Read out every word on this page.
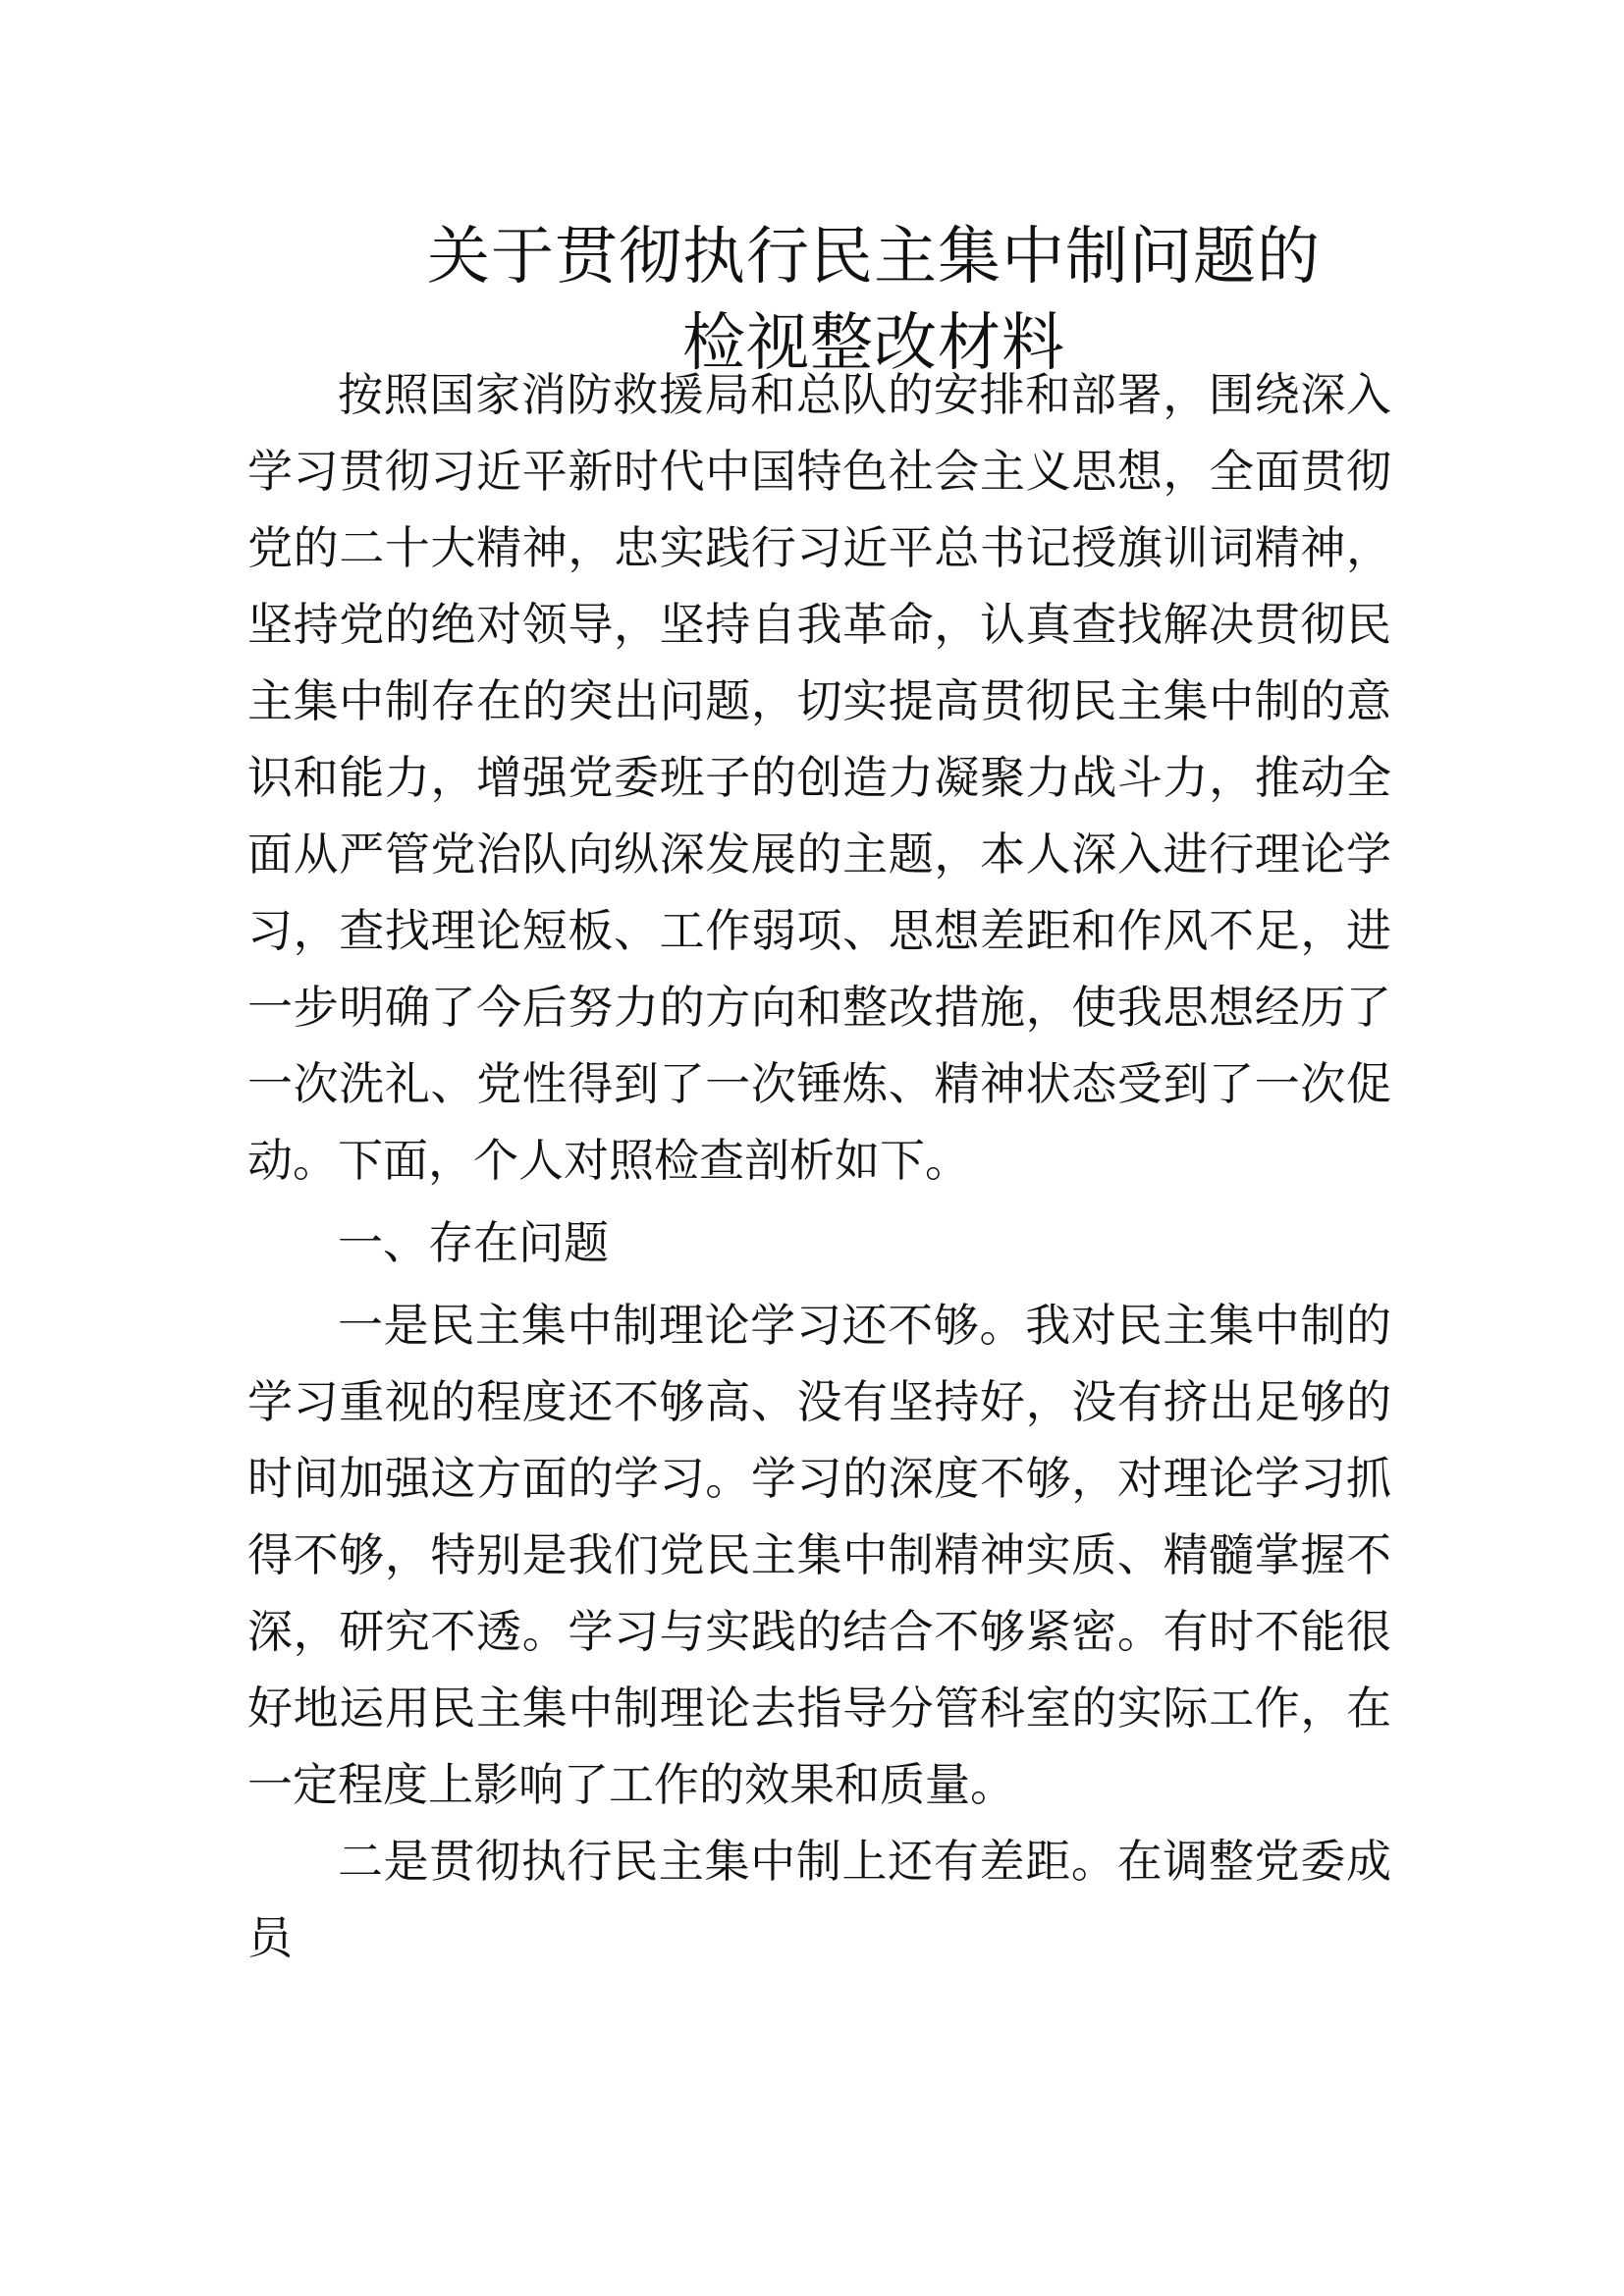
关于贯彻执行民主集中制问题的
检视整改材料

按照国家消防救援局和总队的安排和部署，围绕深入学习贯彻习近平新时代中国特色社会主义思想，全面贯彻党的二十大精神，忠实践行习近平总书记授旗训词精神，坚持党的绝对领导，坚持自我革命，认真查找解决贯彻民主集中制存在的突出问题，切实提高贯彻民主集中制的意识和能力，增强党委班子的创造力凝聚力战斗力，推动全面从严管党治队向纵深发展的主题，本人深入进行理论学习，查找理论短板、工作弱项、思想差距和作风不足，进一步明确了今后努力的方向和整改措施，使我思想经历了一次洗礼、党性得到了一次锤炼、精神状态受到了一次促动。下面，个人对照检查剖析如下。

一、存在问题

一是民主集中制理论学习还不够。我对民主集中制的学习重视的程度还不够高、没有坚持好，没有挤出足够的时间加强这方面的学习。学习的深度不够，对理论学习抓得不够，特别是我们党民主集中制精神实质、精髓掌握不深，研究不透。学习与实践的结合不够紧密。有时不能很好地运用民主集中制理论去指导分管科室的实际工作，在一定程度上影响了工作的效果和质量。

二是贯彻执行民主集中制上还有差距。在调整党委成员
